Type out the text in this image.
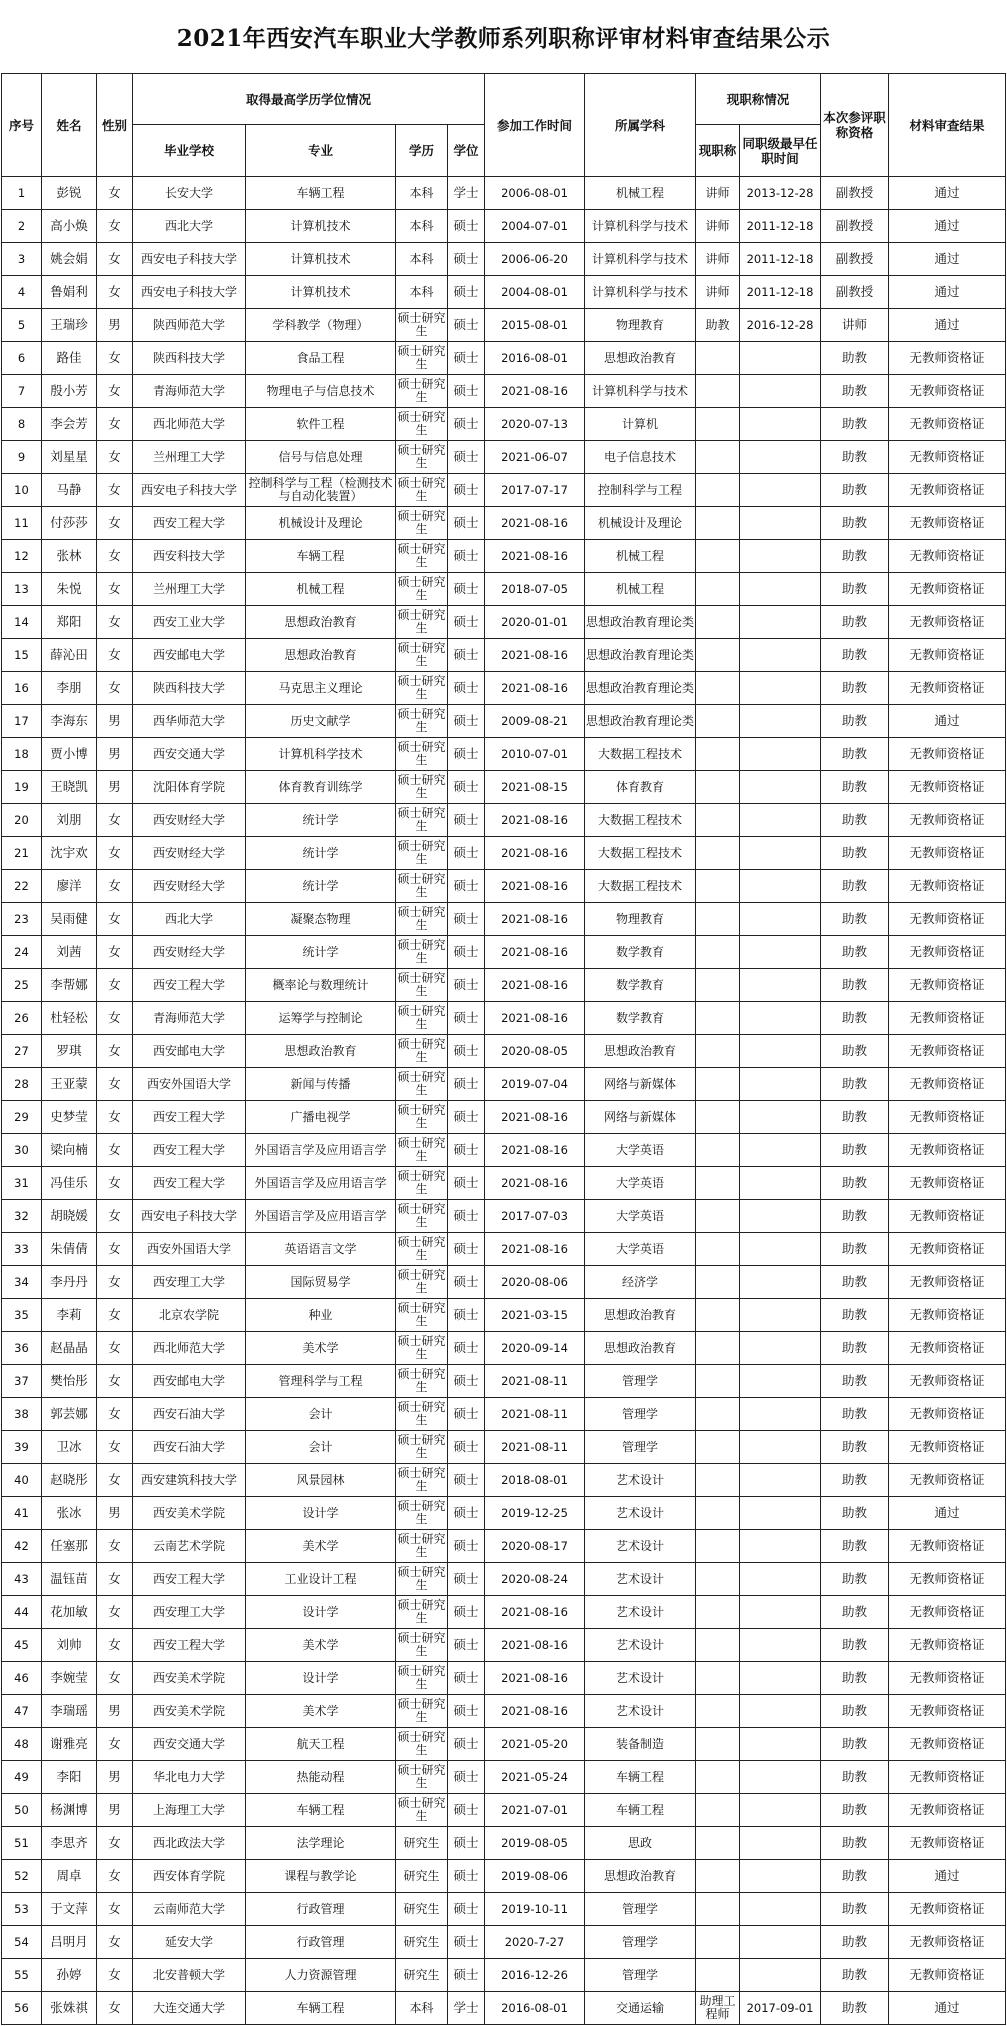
2021年西安汽车职业大学教师系列职称评审材料审查结果公示
序号	姓名	性别	取得最高学历学位情况				参加工作时间	所属学科	现职称情况		本次参评职称资格	材料审查结果
			毕业学校	专业	学历	学位			现职称	同职级最早任职时间		
1	彭锐	女	长安大学	车辆工程	本科	学士	2006-08-01	机械工程	讲师	2013-12-28	副教授	通过
2	高小焕	女	西北大学	计算机技术	本科	硕士	2004-07-01	计算机科学与技术	讲师	2011-12-18	副教授	通过
3	姚会娟	女	西安电子科技大学	计算机技术	本科	硕士	2006-06-20	计算机科学与技术	讲师	2011-12-18	副教授	通过
4	鲁娟利	女	西安电子科技大学	计算机技术	本科	硕士	2004-08-01	计算机科学与技术	讲师	2011-12-18	副教授	通过
5	王瑞珍	男	陕西师范大学	学科教学（物理）	硕士研究生	硕士	2015-08-01	物理教育	助教	2016-12-28	讲师	通过
6	路佳	女	陕西科技大学	食品工程	硕士研究生	硕士	2016-08-01	思想政治教育			助教	无教师资格证
7	殷小芳	女	青海师范大学	物理电子与信息技术	硕士研究生	硕士	2021-08-16	计算机科学与技术			助教	无教师资格证
8	李会芳	女	西北师范大学	软件工程	硕士研究生	硕士	2020-07-13	计算机			助教	无教师资格证
9	刘星星	女	兰州理工大学	信号与信息处理	硕士研究生	硕士	2021-06-07	电子信息技术			助教	无教师资格证
10	马静	女	西安电子科技大学	控制科学与工程（检测技术与自动化装置）	硕士研究生	硕士	2017-07-17	控制科学与工程			助教	无教师资格证
11	付莎莎	女	西安工程大学	机械设计及理论	硕士研究生	硕士	2021-08-16	机械设计及理论			助教	无教师资格证
12	张林	女	西安科技大学	车辆工程	硕士研究生	硕士	2021-08-16	机械工程			助教	无教师资格证
13	朱悦	女	兰州理工大学	机械工程	硕士研究生	硕士	2018-07-05	机械工程			助教	无教师资格证
14	郑阳	女	西安工业大学	思想政治教育	硕士研究生	硕士	2020-01-01	思想政治教育理论类			助教	无教师资格证
15	薛沁田	女	西安邮电大学	思想政治教育	硕士研究生	硕士	2021-08-16	思想政治教育理论类			助教	无教师资格证
16	李朋	女	陕西科技大学	马克思主义理论	硕士研究生	硕士	2021-08-16	思想政治教育理论类			助教	无教师资格证
17	李海东	男	西华师范大学	历史文献学	硕士研究生	硕士	2009-08-21	思想政治教育理论类			助教	通过
18	贾小博	男	西安交通大学	计算机科学技术	硕士研究生	硕士	2010-07-01	大数据工程技术			助教	无教师资格证
19	王晓凯	男	沈阳体育学院	体育教育训练学	硕士研究生	硕士	2021-08-15	体育教育			助教	无教师资格证
20	刘朋	女	西安财经大学	统计学	硕士研究生	硕士	2021-08-16	大数据工程技术			助教	无教师资格证
21	沈宇欢	女	西安财经大学	统计学	硕士研究生	硕士	2021-08-16	大数据工程技术			助教	无教师资格证
22	廖洋	女	西安财经大学	统计学	硕士研究生	硕士	2021-08-16	大数据工程技术			助教	无教师资格证
23	吴雨健	女	西北大学	凝聚态物理	硕士研究生	硕士	2021-08-16	物理教育			助教	无教师资格证
24	刘茜	女	西安财经大学	统计学	硕士研究生	硕士	2021-08-16	数学教育			助教	无教师资格证
25	李帮娜	女	西安工程大学	概率论与数理统计	硕士研究生	硕士	2021-08-16	数学教育			助教	无教师资格证
26	杜轻松	女	青海师范大学	运筹学与控制论	硕士研究生	硕士	2021-08-16	数学教育			助教	无教师资格证
27	罗琪	女	西安邮电大学	思想政治教育	硕士研究生	硕士	2020-08-05	思想政治教育			助教	无教师资格证
28	王亚蒙	女	西安外国语大学	新闻与传播	硕士研究生	硕士	2019-07-04	网络与新媒体			助教	无教师资格证
29	史梦莹	女	西安工程大学	广播电视学	硕士研究生	硕士	2021-08-16	网络与新媒体			助教	无教师资格证
30	梁向楠	女	西安工程大学	外国语言学及应用语言学	硕士研究生	硕士	2021-08-16	大学英语			助教	无教师资格证
31	冯佳乐	女	西安工程大学	外国语言学及应用语言学	硕士研究生	硕士	2021-08-16	大学英语			助教	无教师资格证
32	胡晓媛	女	西安电子科技大学	外国语言学及应用语言学	硕士研究生	硕士	2017-07-03	大学英语			助教	无教师资格证
33	朱倩倩	女	西安外国语大学	英语语言文学	硕士研究生	硕士	2021-08-16	大学英语			助教	无教师资格证
34	李丹丹	女	西安理工大学	国际贸易学	硕士研究生	硕士	2020-08-06	经济学			助教	无教师资格证
35	李莉	女	北京农学院	种业	硕士研究生	硕士	2021-03-15	思想政治教育			助教	无教师资格证
36	赵晶晶	女	西北师范大学	美术学	硕士研究生	硕士	2020-09-14	思想政治教育			助教	无教师资格证
37	樊怡彤	女	西安邮电大学	管理科学与工程	硕士研究生	硕士	2021-08-11	管理学			助教	无教师资格证
38	郭芸娜	女	西安石油大学	会计	硕士研究生	硕士	2021-08-11	管理学			助教	无教师资格证
39	卫冰	女	西安石油大学	会计	硕士研究生	硕士	2021-08-11	管理学			助教	无教师资格证
40	赵晓彤	女	西安建筑科技大学	风景园林	硕士研究生	硕士	2018-08-01	艺术设计			助教	无教师资格证
41	张冰	男	西安美术学院	设计学	硕士研究生	硕士	2019-12-25	艺术设计			助教	通过
42	任塞那	女	云南艺术学院	美术学	硕士研究生	硕士	2020-08-17	艺术设计			助教	无教师资格证
43	温钰苗	女	西安工程大学	工业设计工程	硕士研究生	硕士	2020-08-24	艺术设计			助教	无教师资格证
44	花加敏	女	西安理工大学	设计学	硕士研究生	硕士	2021-08-16	艺术设计			助教	无教师资格证
45	刘帅	女	西安工程大学	美术学	硕士研究生	硕士	2021-08-16	艺术设计			助教	无教师资格证
46	李婉莹	女	西安美术学院	设计学	硕士研究生	硕士	2021-08-16	艺术设计			助教	无教师资格证
47	李瑞瑶	男	西安美术学院	美术学	硕士研究生	硕士	2021-08-16	艺术设计			助教	无教师资格证
48	谢雅亮	女	西安交通大学	航天工程	硕士研究生	硕士	2021-05-20	装备制造			助教	无教师资格证
49	李阳	男	华北电力大学	热能动程	硕士研究生	硕士	2021-05-24	车辆工程			助教	无教师资格证
50	杨渊博	男	上海理工大学	车辆工程	硕士研究生	硕士	2021-07-01	车辆工程			助教	无教师资格证
51	李思齐	女	西北政法大学	法学理论	研究生	硕士	2019-08-05	思政			助教	无教师资格证
52	周卓	女	西安体育学院	课程与教学论	研究生	硕士	2019-08-06	思想政治教育			助教	通过
53	于文萍	女	云南师范大学	行政管理	研究生	硕士	2019-10-11	管理学			助教	无教师资格证
54	吕明月	女	延安大学	行政管理	研究生	硕士	2020-7-27	管理学			助教	无教师资格证
55	孙婷	女	北安普顿大学	人力资源管理	研究生	硕士	2016-12-26	管理学			助教	无教师资格证
56	张姝祺	女	大连交通大学	车辆工程	本科	学士	2016-08-01	交通运输	助理工程师	2017-09-01	助教	通过
